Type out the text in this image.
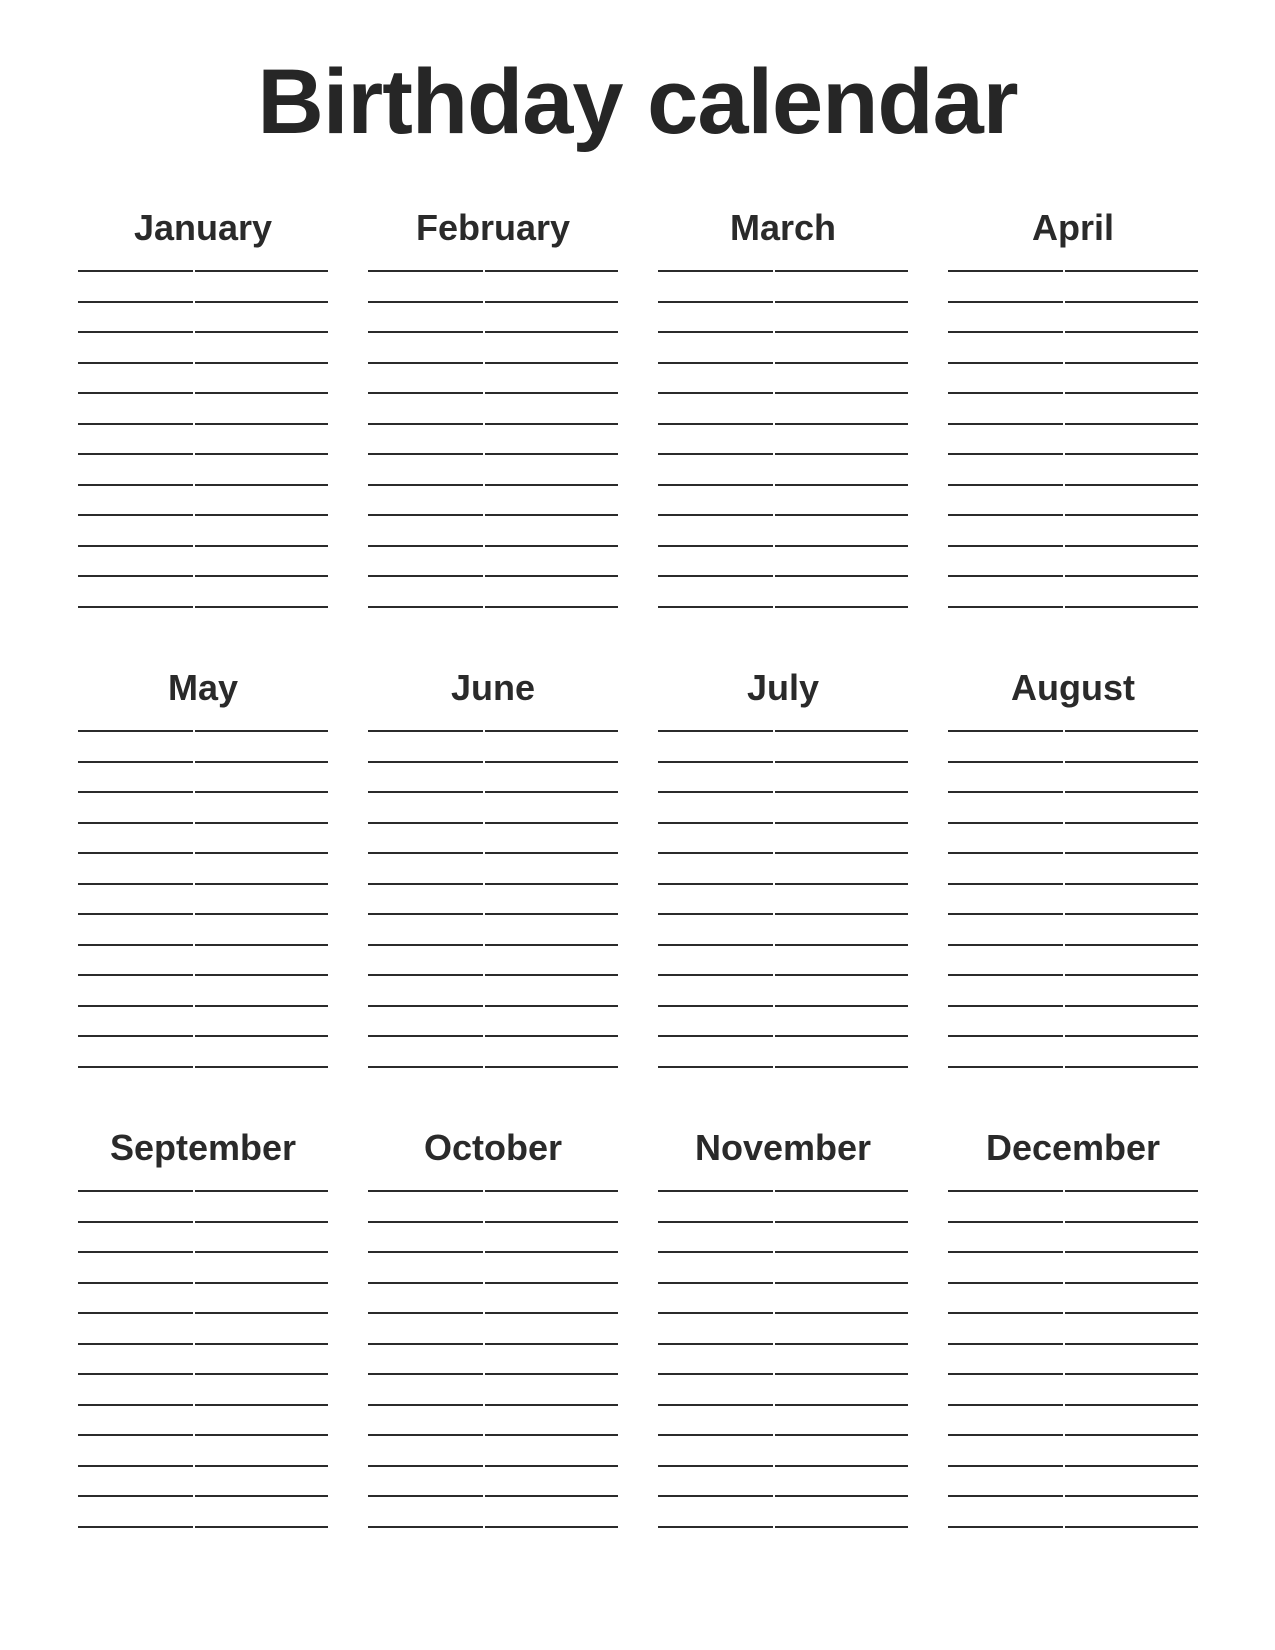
Birthday calendar
January	February	March	April
May	June	July	August
September	October	November	December
